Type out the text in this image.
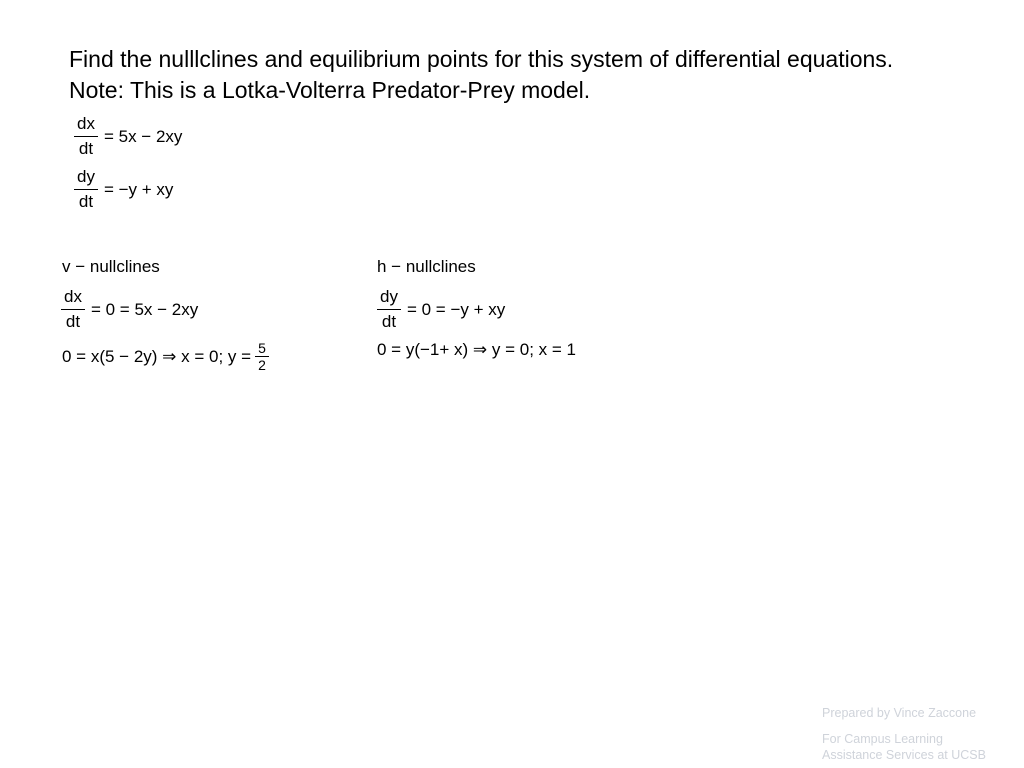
Find the nulllclines and equilibrium points for this system of differential equations.
Note: This is a Lotka-Volterra Predator-Prey model.
$\frac{dx}{dt} = 5x - 2xy$
$\frac{dy}{dt} = -y$ + xy
v − nullclines
$\frac{dx}{dt} = 0 = 5x - 2xy$
0 = x(5 − 2y) ⇒ x = 0; $y = \frac{5}{2}$
h − nullclines
$\frac{dy}{dt} = 0 = -y$ + xy
0 = y(−1+ x) ⇒ y = 0; x = 1
Prepared by Vince Zaccone
For Campus Learning
Assistance Services at UCSB
